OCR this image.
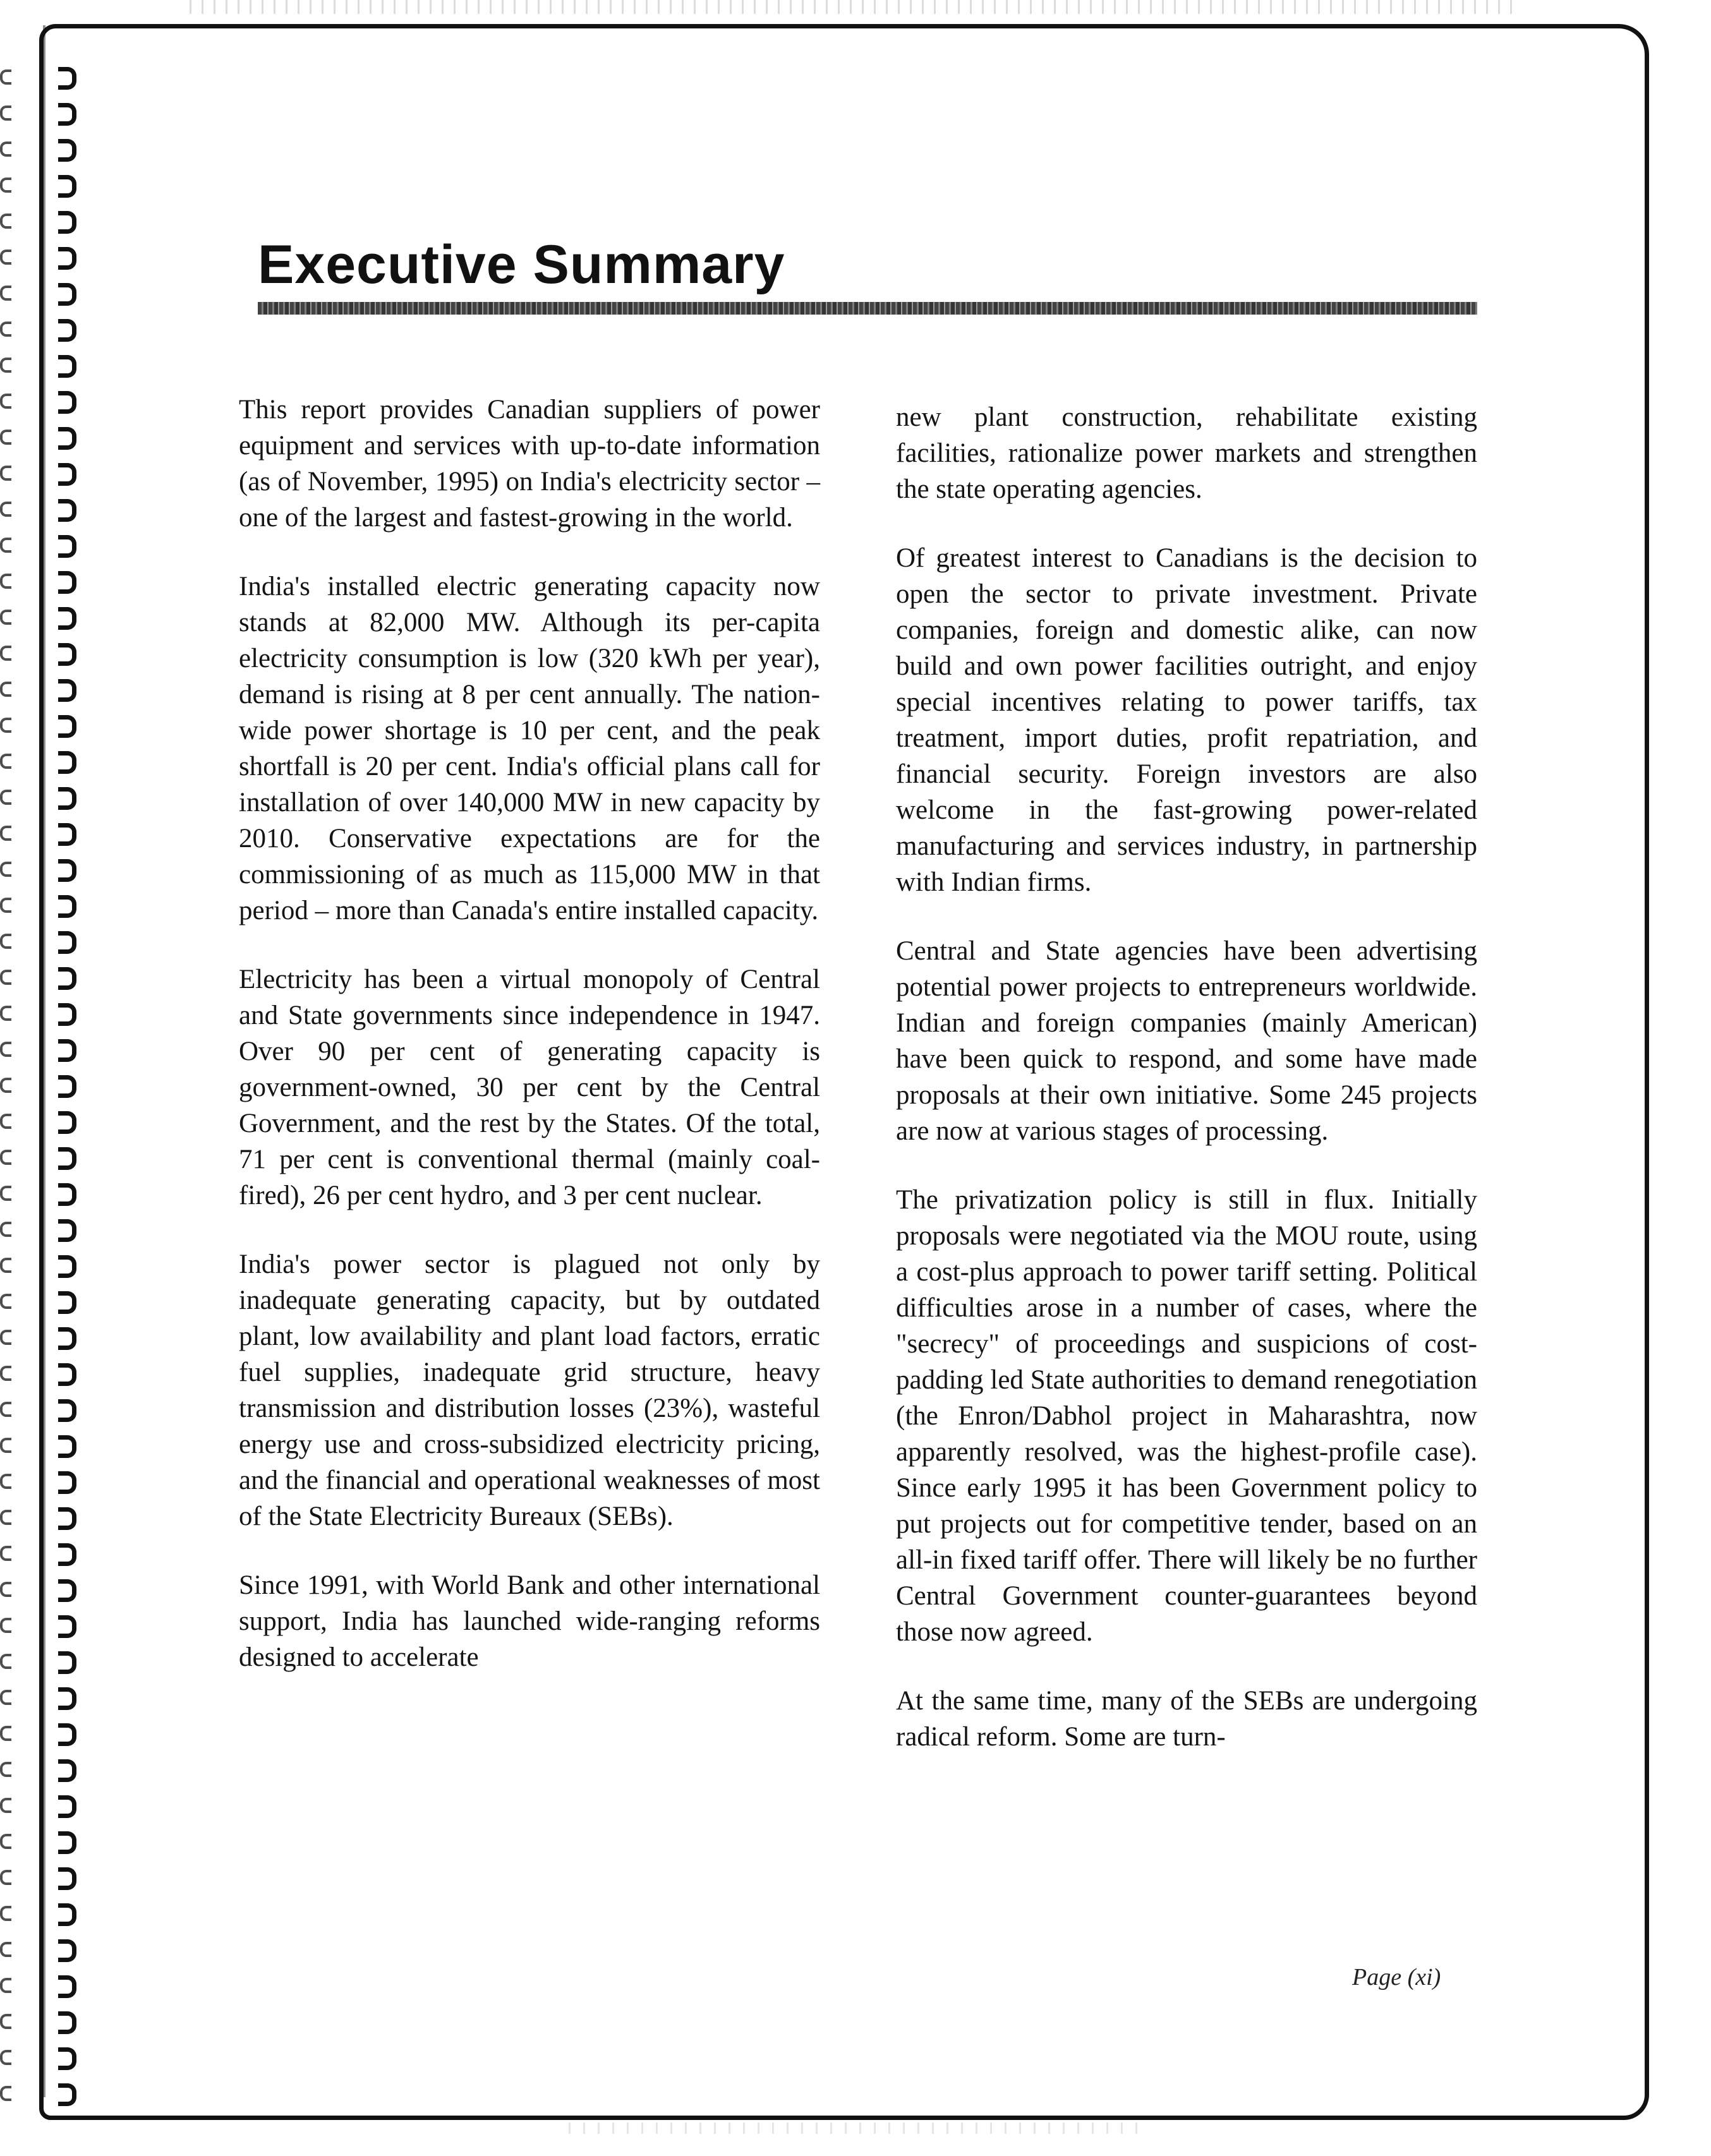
Executive Summary

This report provides Canadian suppliers of power equipment and services with up-to-date information (as of November, 1995) on India's electricity sector – one of the largest and fastest-growing in the world.

India's installed electric generating capacity now stands at 82,000 MW. Although its per-capita electricity consumption is low (320 kWh per year), demand is rising at 8 per cent annually. The nation-wide power shortage is 10 per cent, and the peak shortfall is 20 per cent. India's official plans call for installation of over 140,000 MW in new capacity by 2010. Conservative expectations are for the commissioning of as much as 115,000 MW in that period – more than Canada's entire installed capacity.

Electricity has been a virtual monopoly of Central and State governments since independence in 1947. Over 90 per cent of generating capacity is government-owned, 30 per cent by the Central Government, and the rest by the States. Of the total, 71 per cent is conventional thermal (mainly coal-fired), 26 per cent hydro, and 3 per cent nuclear.

India's power sector is plagued not only by inadequate generating capacity, but by outdated plant, low availability and plant load factors, erratic fuel supplies, inadequate grid structure, heavy transmission and distribution losses (23%), wasteful energy use and cross-subsidized electricity pricing, and the financial and operational weaknesses of most of the State Electricity Bureaux (SEBs).

Since 1991, with World Bank and other international support, India has launched wide-ranging reforms designed to accelerate

new plant construction, rehabilitate existing facilities, rationalize power markets and strengthen the state operating agencies.

Of greatest interest to Canadians is the decision to open the sector to private investment. Private companies, foreign and domestic alike, can now build and own power facilities outright, and enjoy special incentives relating to power tariffs, tax treatment, import duties, profit repatriation, and financial security. Foreign investors are also welcome in the fast-growing power-related manufacturing and services industry, in partnership with Indian firms.

Central and State agencies have been advertising potential power projects to entrepreneurs worldwide. Indian and foreign companies (mainly American) have been quick to respond, and some have made proposals at their own initiative. Some 245 projects are now at various stages of processing.

The privatization policy is still in flux. Initially proposals were negotiated via the MOU route, using a cost-plus approach to power tariff setting. Political difficulties arose in a number of cases, where the "secrecy" of proceedings and suspicions of cost-padding led State authorities to demand renegotiation (the Enron/Dabhol project in Maharashtra, now apparently resolved, was the highest-profile case). Since early 1995 it has been Government policy to put projects out for competitive tender, based on an all-in fixed tariff offer. There will likely be no further Central Government counter-guarantees beyond those now agreed.

At the same time, many of the SEBs are undergoing radical reform. Some are turn-

Page (xi)
